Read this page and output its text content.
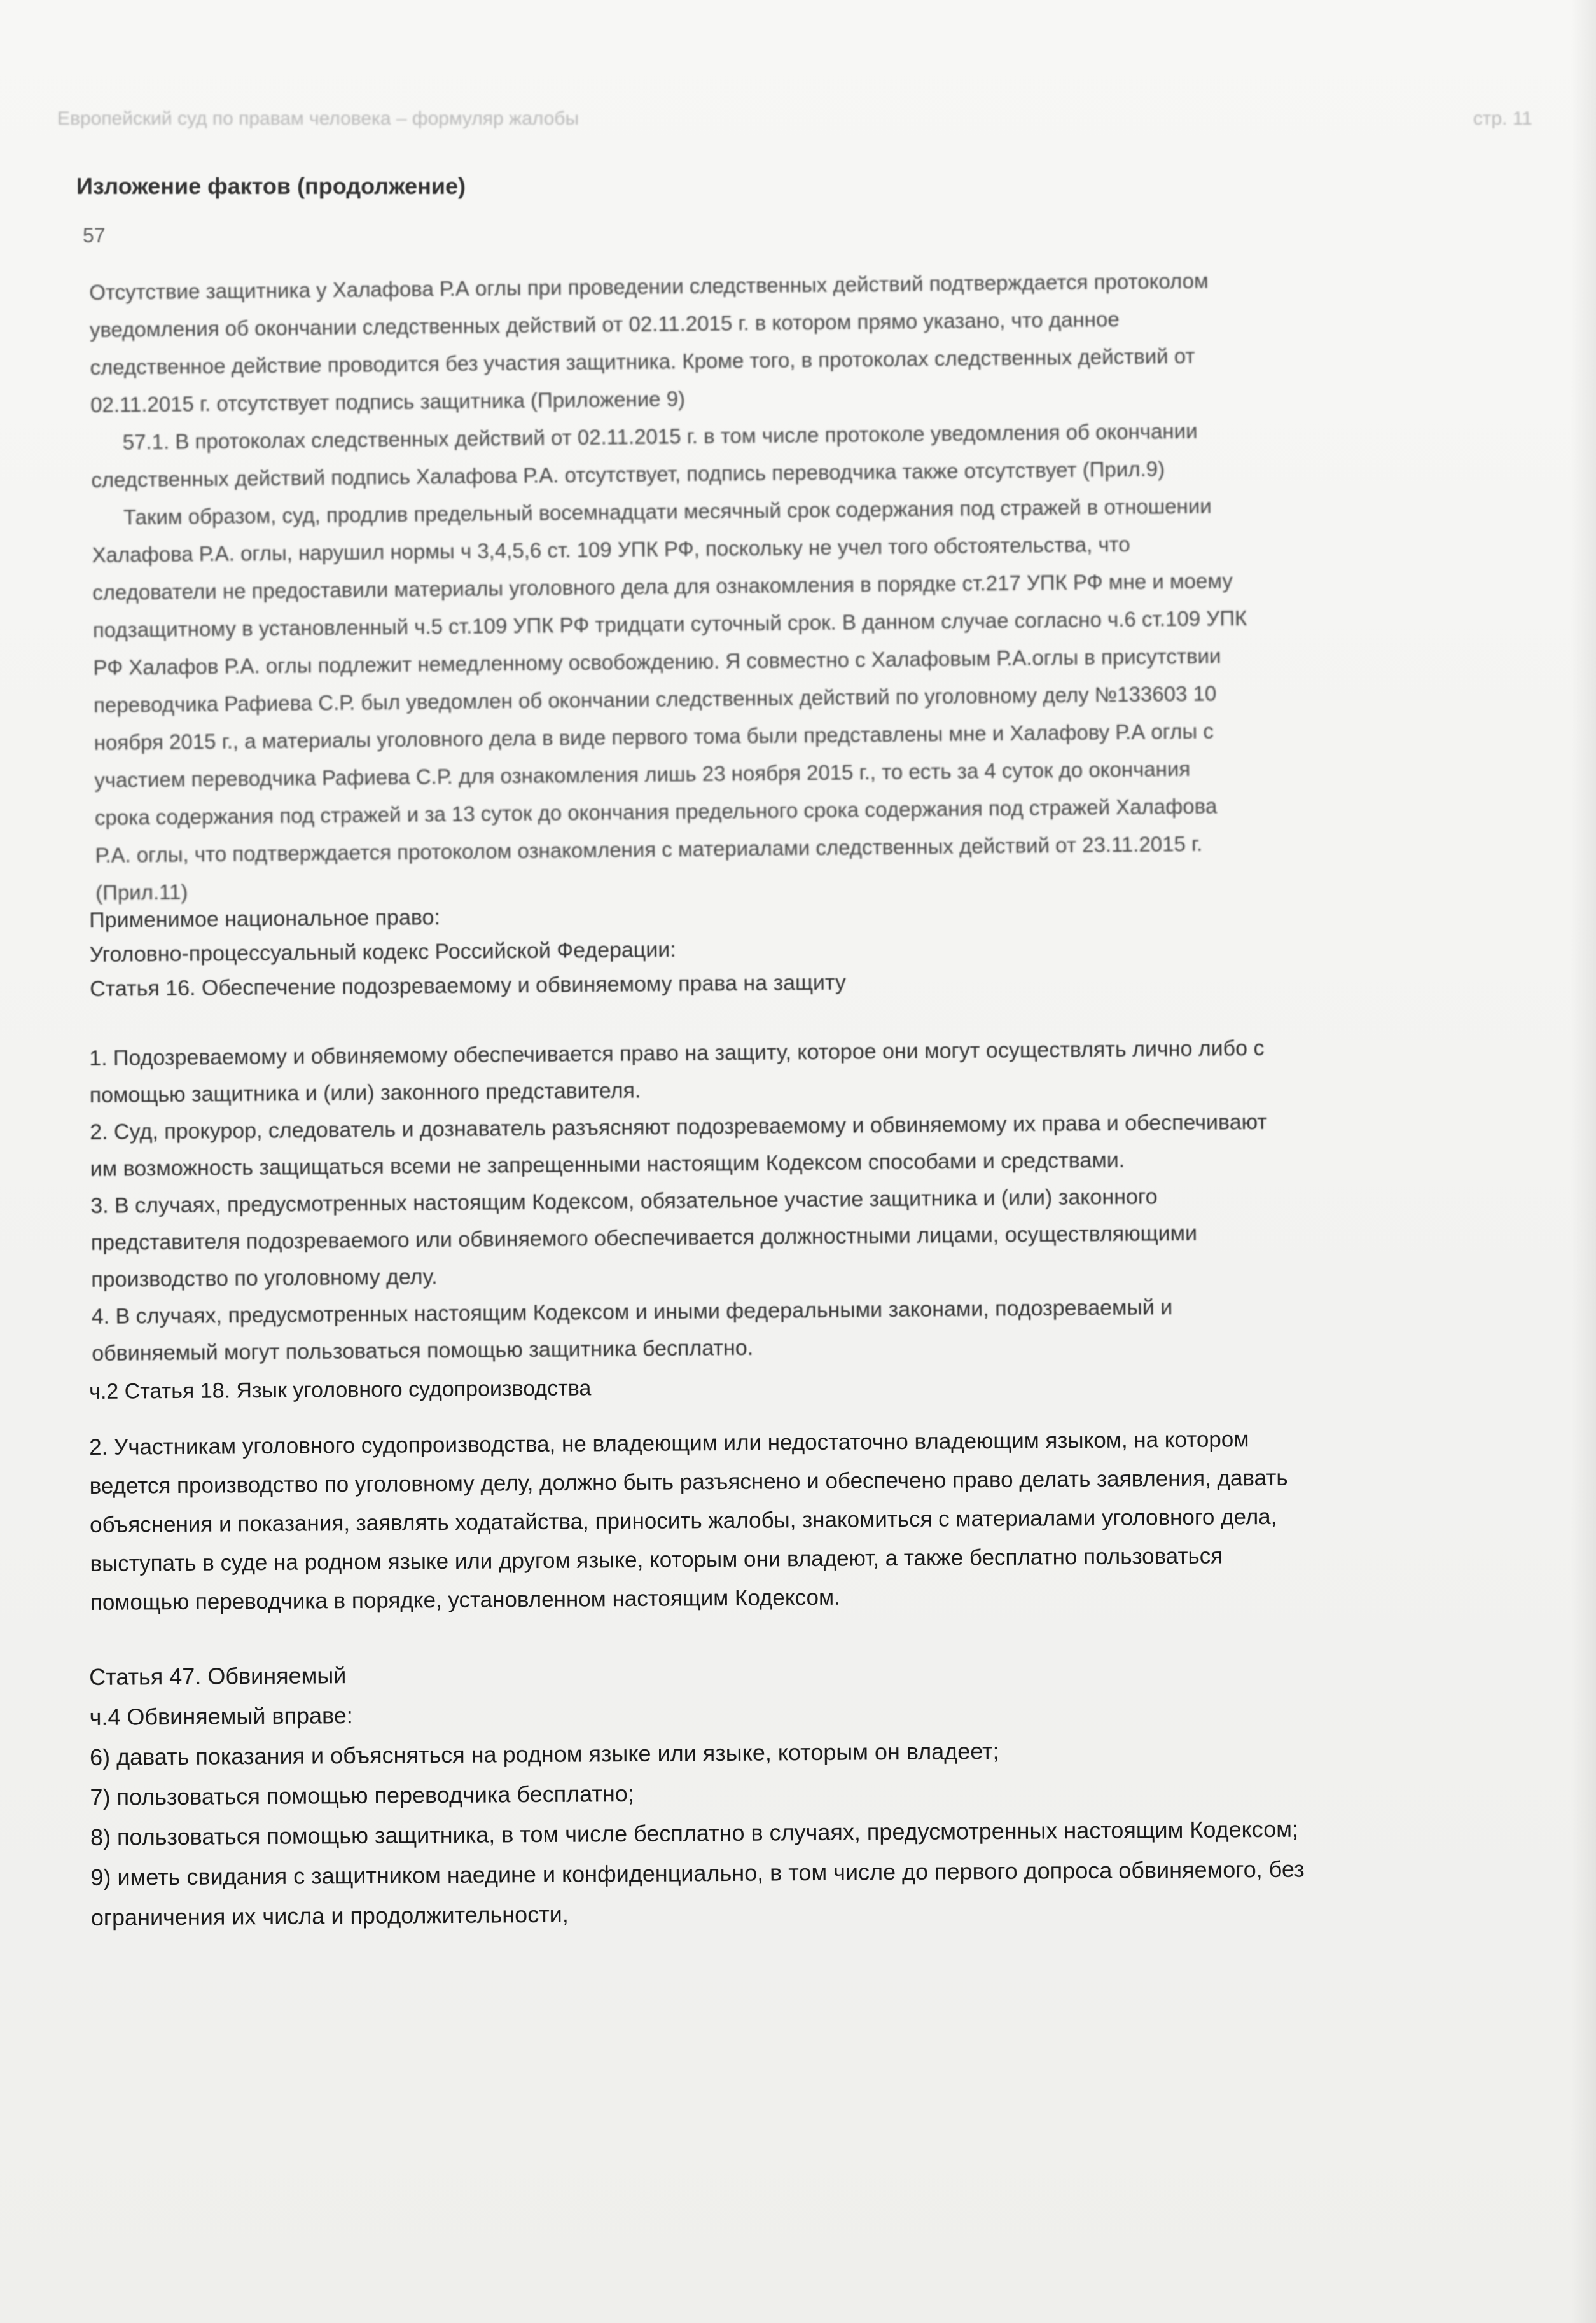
Европейский суд по правам человека – формуляр жалобы	стр. 11
Изложение фактов (продолжение)
57
Отсутствие защитника у Халафова Р.А оглы при проведении следственных действий подтверждается протоколом
уведомления об окончании следственных действий от 02.11.2015 г. в котором прямо указано, что данное
следственное действие проводится без участия защитника. Кроме того, в протоколах следственных действий от
02.11.2015 г. отсутствует подпись защитника (Приложение 9)
57.1. В протоколах следственных действий от 02.11.2015 г. в том числе протоколе уведомления об окончании
следственных действий подпись Халафова Р.А. отсутствует, подпись переводчика также отсутствует (Прил.9)
Таким образом, суд, продлив предельный восемнадцати месячный срок содержания под стражей в отношении
Халафова Р.А. оглы, нарушил нормы ч 3,4,5,6 ст. 109 УПК РФ, поскольку не учел того обстоятельства, что
следователи не предоставили материалы уголовного дела для ознакомления в порядке ст.217 УПК РФ мне и моему
подзащитному в установленный ч.5 ст.109 УПК РФ тридцати суточный срок. В данном случае согласно ч.6 ст.109 УПК
РФ Халафов Р.А. оглы подлежит немедленному освобождению. Я совместно с Халафовым Р.А.оглы в присутствии
переводчика Рафиева С.Р. был уведомлен об окончании следственных действий по уголовному делу №133603 10
ноября 2015 г., а материалы уголовного дела в виде первого тома были представлены мне и Халафову Р.А оглы с
участием переводчика Рафиева С.Р. для ознакомления лишь 23 ноября 2015 г., то есть за 4 суток до окончания
срока содержания под стражей и за 13 суток до окончания предельного срока содержания под стражей Халафова
Р.А. оглы, что подтверждается протоколом ознакомления с материалами следственных действий от 23.11.2015 г.
(Прил.11)
Применимое национальное право:
Уголовно-процессуальный кодекс Российской Федерации:
Статья 16. Обеспечение подозреваемому и обвиняемому права на защиту
1. Подозреваемому и обвиняемому обеспечивается право на защиту, которое они могут осуществлять лично либо с
помощью защитника и (или) законного представителя.
2. Суд, прокурор, следователь и дознаватель разъясняют подозреваемому и обвиняемому их права и обеспечивают
им возможность защищаться всеми не запрещенными настоящим Кодексом способами и средствами.
3. В случаях, предусмотренных настоящим Кодексом, обязательное участие защитника и (или) законного
представителя подозреваемого или обвиняемого обеспечивается должностными лицами, осуществляющими
производство по уголовному делу.
4. В случаях, предусмотренных настоящим Кодексом и иными федеральными законами, подозреваемый и
обвиняемый могут пользоваться помощью защитника бесплатно.
ч.2 Статья 18. Язык уголовного судопроизводства
2. Участникам уголовного судопроизводства, не владеющим или недостаточно владеющим языком, на котором
ведется производство по уголовному делу, должно быть разъяснено и обеспечено право делать заявления, давать
объяснения и показания, заявлять ходатайства, приносить жалобы, знакомиться с материалами уголовного дела,
выступать в суде на родном языке или другом языке, которым они владеют, а также бесплатно пользоваться
помощью переводчика в порядке, установленном настоящим Кодексом.
Статья 47. Обвиняемый
ч.4 Обвиняемый вправе:
6) давать показания и объясняться на родном языке или языке, которым он владеет;
7) пользоваться помощью переводчика бесплатно;
8) пользоваться помощью защитника, в том числе бесплатно в случаях, предусмотренных настоящим Кодексом;
9) иметь свидания с защитником наедине и конфиденциально, в том числе до первого допроса обвиняемого, без
ограничения их числа и продолжительности,
